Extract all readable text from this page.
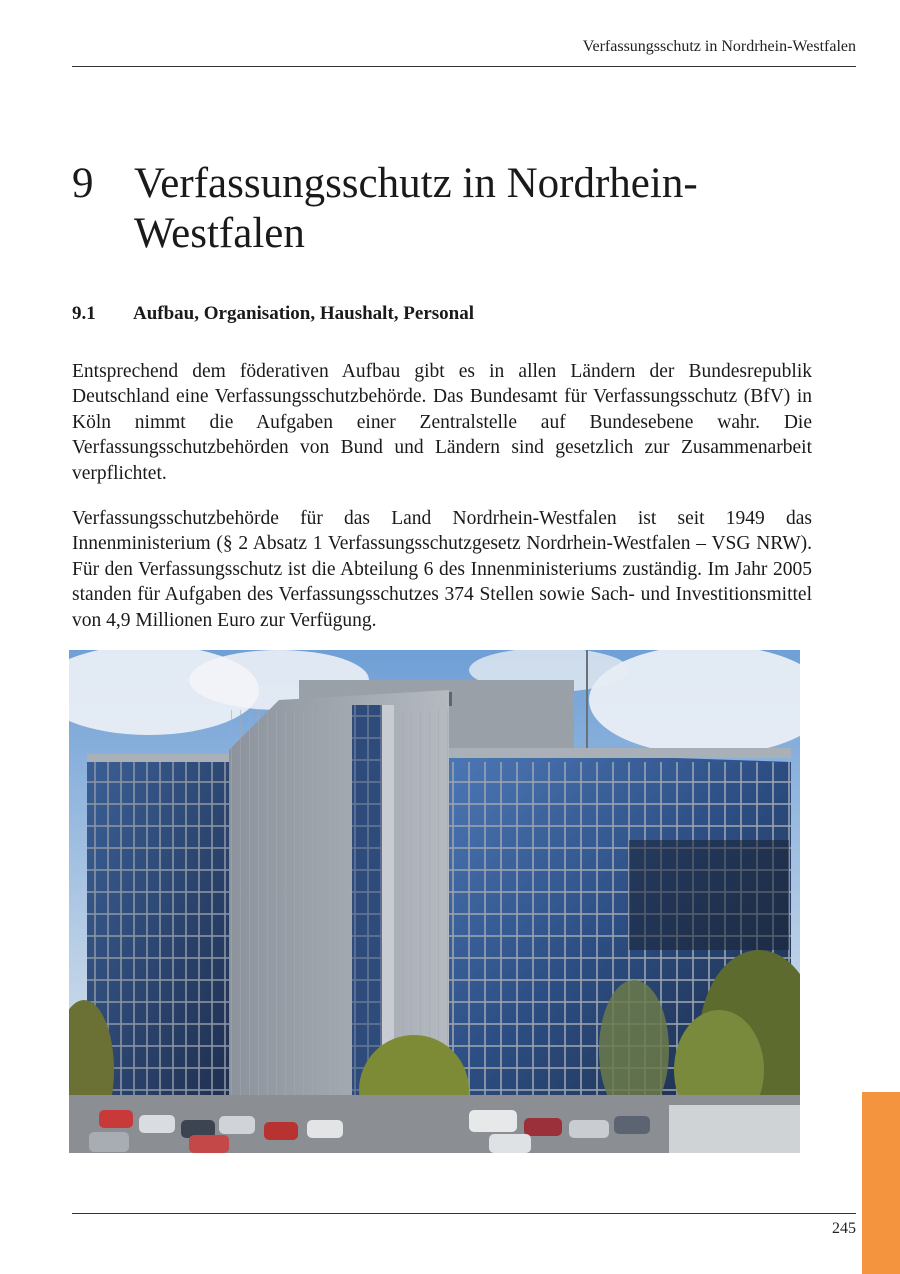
Verfassungsschutz in Nordrhein-Westfalen
9 Verfassungsschutz in Nordrhein-Westfalen
9.1 Aufbau, Organisation, Haushalt, Personal

Entsprechend dem föderativen Aufbau gibt es in allen Ländern der Bundesrepublik Deutschland eine Verfassungsschutzbehörde. Das Bundesamt für Verfassungsschutz (BfV) in Köln nimmt die Aufgaben einer Zentralstelle auf Bundesebene wahr. Die Verfassungsschutzbehörden von Bund und Ländern sind gesetzlich zur Zusammenarbeit verpflichtet.

Verfassungsschutzbehörde für das Land Nordrhein-Westfalen ist seit 1949 das Innenministerium (§ 2 Absatz 1 Verfassungsschutzgesetz Nordrhein-Westfalen – VSG NRW). Für den Verfassungsschutz ist die Abteilung 6 des Innenministeriums zuständig. Im Jahr 2005 standen für Aufgaben des Verfassungsschutzes 374 Stellen sowie Sach- und Investitionsmittel von 4,9 Millionen Euro zur Verfügung.

245
